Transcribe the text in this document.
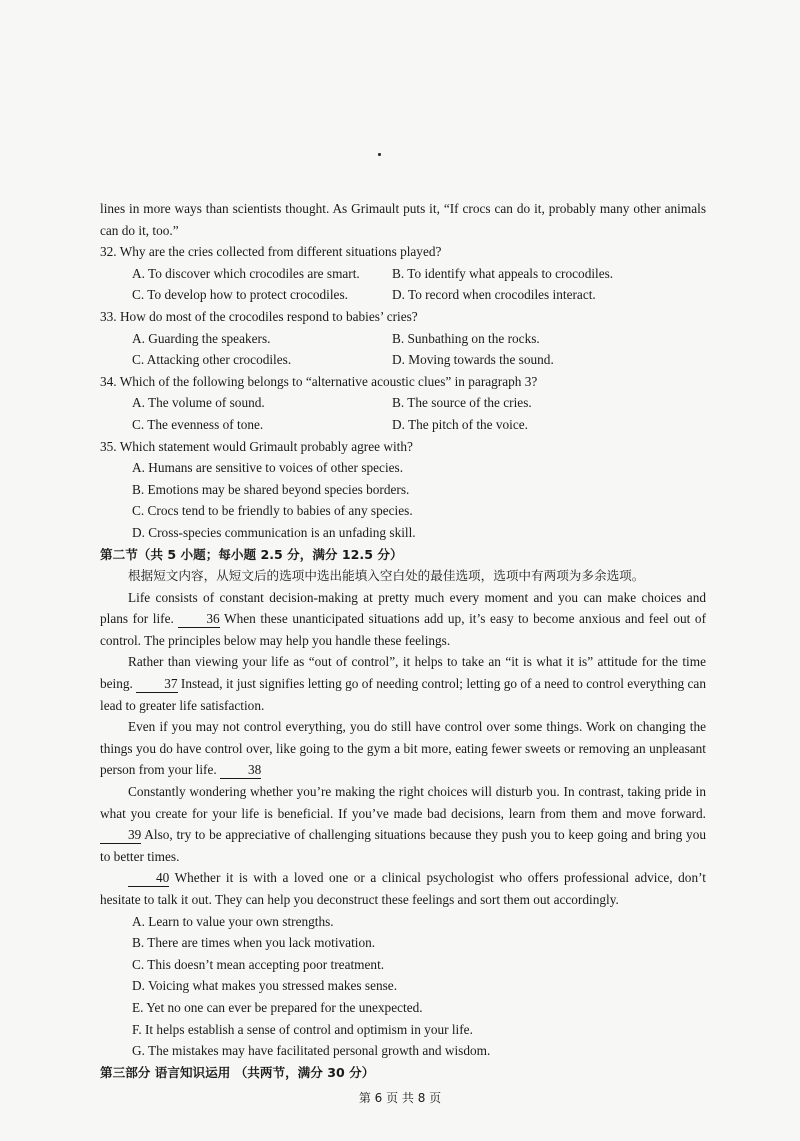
lines in more ways than scientists thought. As Grimault puts it, “If crocs can do it, probably many other animals can do it, too.”

32. Why are the cries collected from different situations played?

A. To discover which crocodiles are smart.	B. To identify what appeals to crocodiles.
C. To develop how to protect crocodiles.	D. To record when crocodiles interact.

33. How do most of the crocodiles respond to babies’ cries?

A. Guarding the speakers.	B. Sunbathing on the rocks.
C. Attacking other crocodiles.	D. Moving towards the sound.

34. Which of the following belongs to “alternative acoustic clues” in paragraph 3?

A. The volume of sound.	B. The source of the cries.
C. The evenness of tone.	D. The pitch of the voice.

35. Which statement would Grimault probably agree with?

A. Humans are sensitive to voices of other species.

B. Emotions may be shared beyond species borders.

C. Crocs tend to be friendly to babies of any species.

D. Cross-species communication is an unfading skill.

第二节（共 5 小题；每小题 2.5 分，满分 12.5 分）

根据短文内容，从短文后的选项中选出能填入空白处的最佳选项，选项中有两项为多余选项。

Life consists of constant decision-making at pretty much every moment and you can make choices and plans for life. 36 When these unanticipated situations add up, it’s easy to become anxious and feel out of control. The principles below may help you handle these feelings.

Rather than viewing your life as “out of control”, it helps to take an “it is what it is” attitude for the time being. 37 Instead, it just signifies letting go of needing control; letting go of a need to control everything can lead to greater life satisfaction.

Even if you may not control everything, you do still have control over some things. Work on changing the things you do have control over, like going to the gym a bit more, eating fewer sweets or removing an unpleasant person from your life. 38

Constantly wondering whether you’re making the right choices will disturb you. In contrast, taking pride in what you create for your life is beneficial. If you’ve made bad decisions, learn from them and move forward. 39 Also, try to be appreciative of challenging situations because they push you to keep going and bring you to better times.

40 Whether it is with a loved one or a clinical psychologist who offers professional advice, don’t hesitate to talk it out. They can help you deconstruct these feelings and sort them out accordingly.

A. Learn to value your own strengths.

B. There are times when you lack motivation.

C. This doesn’t mean accepting poor treatment.

D. Voicing what makes you stressed makes sense.

E. Yet no one can ever be prepared for the unexpected.

F. It helps establish a sense of control and optimism in your life.

G. The mistakes may have facilitated personal growth and wisdom.

第三部分 语言知识运用 （共两节，满分 30 分）

第 6 页 共 8 页
